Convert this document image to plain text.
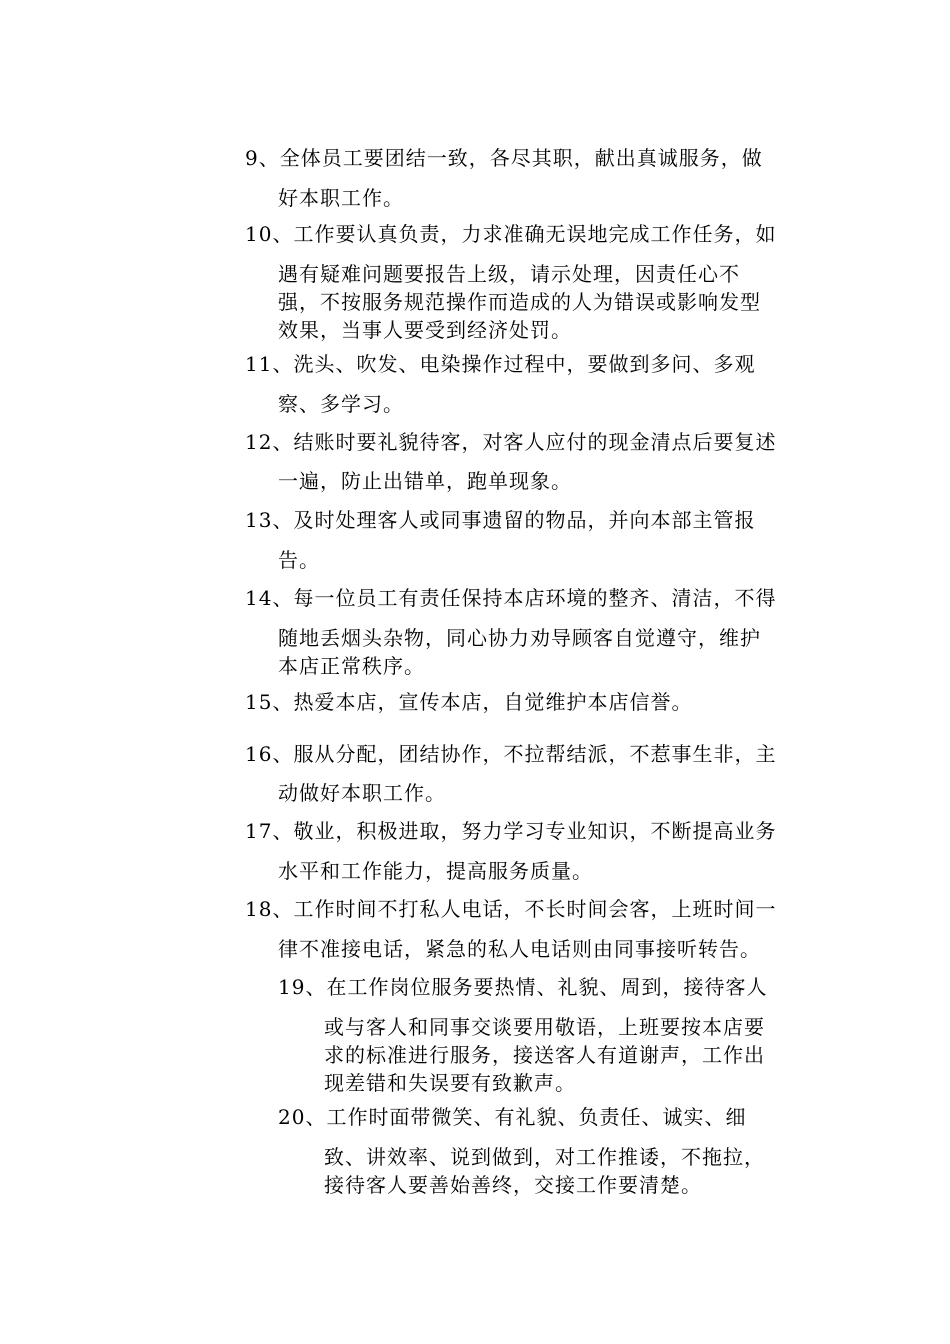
9、全体员工要团结一致，各尽其职，献出真诚服务，做
好本职工作。
10、工作要认真负责，力求准确无误地完成工作任务，如
遇有疑难问题要报告上级，请示处理，因责任心不
强，不按服务规范操作而造成的人为错误或影响发型
效果，当事人要受到经济处罚。
11、洗头、吹发、电染操作过程中，要做到多问、多观
察、多学习。
12、结账时要礼貌待客，对客人应付的现金清点后要复述
一遍，防止出错单，跑单现象。
13、及时处理客人或同事遗留的物品，并向本部主管报
告。
14、每一位员工有责任保持本店环境的整齐、清洁，不得
随地丢烟头杂物，同心协力劝导顾客自觉遵守，维护
本店正常秩序。
15、热爱本店，宣传本店，自觉维护本店信誉。
16、服从分配，团结协作，不拉帮结派，不惹事生非，主
动做好本职工作。
17、敬业，积极进取，努力学习专业知识，不断提高业务
水平和工作能力，提高服务质量。
18、工作时间不打私人电话，不长时间会客，上班时间一
律不准接电话，紧急的私人电话则由同事接听转告。
19、在工作岗位服务要热情、礼貌、周到，接待客人
或与客人和同事交谈要用敬语，上班要按本店要
求的标准进行服务，接送客人有道谢声，工作出
现差错和失误要有致歉声。
20、工作时面带微笑、有礼貌、负责任、诚实、细
致、讲效率、说到做到，对工作推诿，不拖拉，
接待客人要善始善终，交接工作要清楚。
